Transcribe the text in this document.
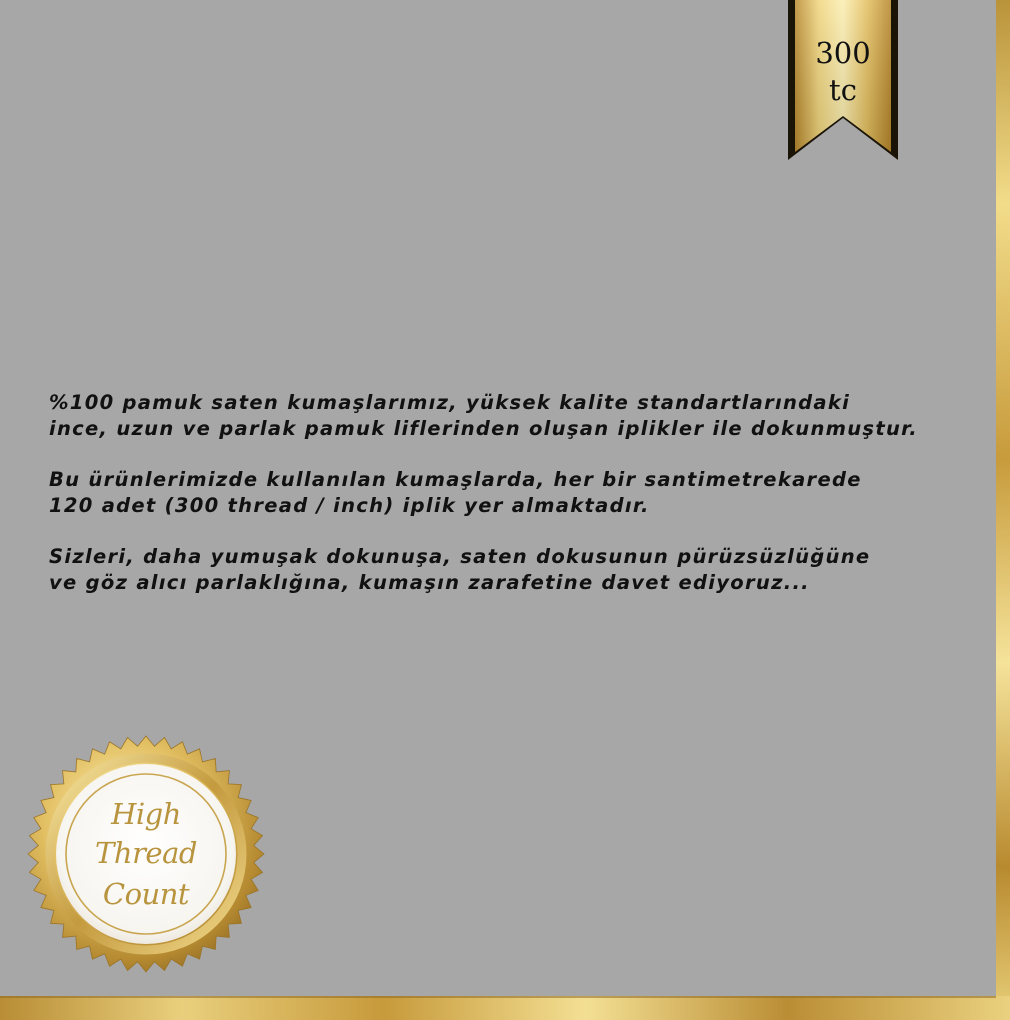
300
tc

%100 pamuk saten kumaşlarımız, yüksek kalite standartlarındaki
ince, uzun ve parlak pamuk liflerinden oluşan iplikler ile dokunmuştur.

Bu ürünlerimizde kullanılan kumaşlarda, her bir santimetrekarede
120 adet (300 thread / inch) iplik yer almaktadır.

Sizleri, daha yumuşak dokunuşa, saten dokusunun pürüzsüzlüğüne
ve göz alıcı parlaklığına, kumaşın zarafetine davet ediyoruz...

High
Thread
Count
